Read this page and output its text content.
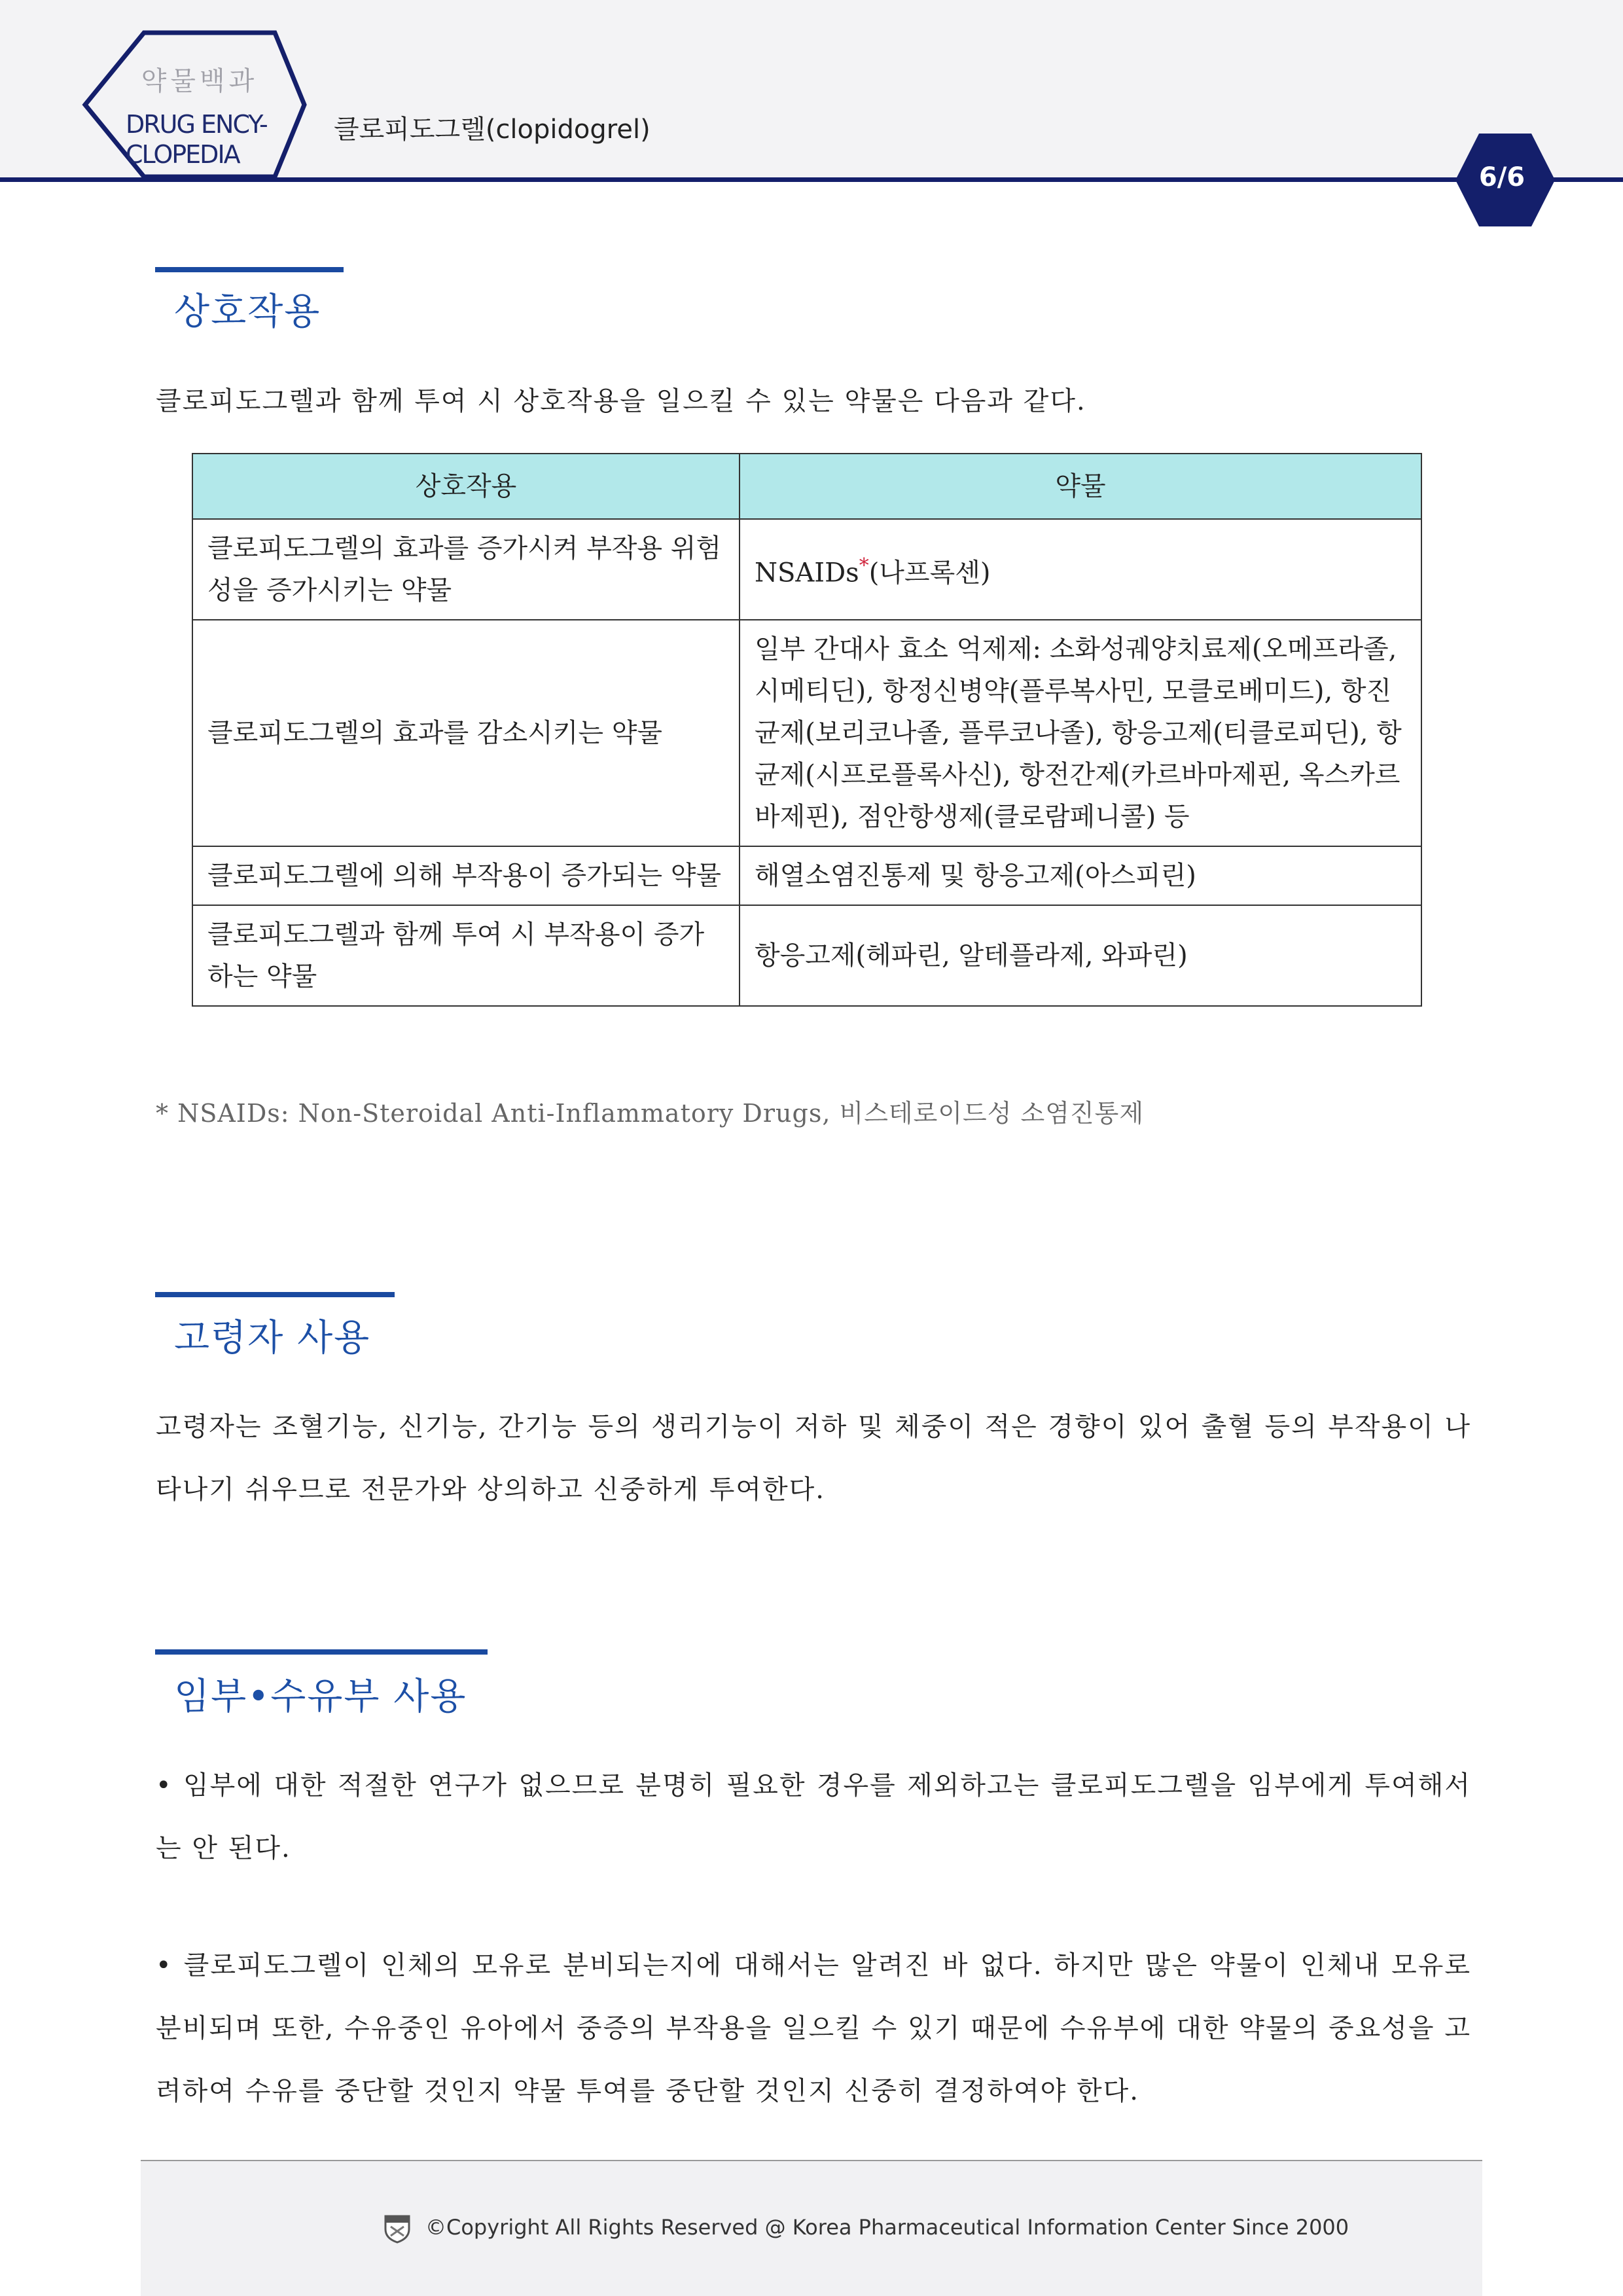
약물백과
DRUG ENCY-
CLOPEDIA
클로피도그렐(clopidogrel)
6/6
상호작용
클로피도그렐과 함께 투여 시 상호작용을 일으킬 수 있는 약물은 다음과 같다.
상호작용	약물
클로피도그렐의 효과를 증가시켜 부작용 위험성을 증가시키는 약물	NSAIDs*(나프록센)
클로피도그렐의 효과를 감소시키는 약물	일부 간대사 효소 억제제: 소화성궤양치료제(오메프라졸, 시메티딘), 항정신병약(플루복사민, 모클로베미드), 항진균제(보리코나졸, 플루코나졸), 항응고제(티클로피딘), 항균제(시프로플록사신), 항전간제(카르바마제핀, 옥스카르바제핀), 점안항생제(클로람페니콜) 등
클로피도그렐에 의해 부작용이 증가되는 약물	해열소염진통제 및 항응고제(아스피린)
클로피도그렐과 함께 투여 시 부작용이 증가하는 약물	항응고제(헤파린, 알테플라제, 와파린)
* NSAIDs: Non-Steroidal Anti-Inflammatory Drugs, 비스테로이드성 소염진통제
고령자 사용
고령자는 조혈기능, 신기능, 간기능 등의 생리기능이 저하 및 체중이 적은 경향이 있어 출혈 등의 부작용이 나타나기 쉬우므로 전문가와 상의하고 신중하게 투여한다.
임부•수유부 사용
• 임부에 대한 적절한 연구가 없으므로 분명히 필요한 경우를 제외하고는 클로피도그렐을 임부에게 투여해서는 안 된다.
• 클로피도그렐이 인체의 모유로 분비되는지에 대해서는 알려진 바 없다. 하지만 많은 약물이 인체내 모유로 분비되며 또한, 수유중인 유아에서 중증의 부작용을 일으킬 수 있기 때문에 수유부에 대한 약물의 중요성을 고려하여 수유를 중단할 것인지 약물 투여를 중단할 것인지 신중히 결정하여야 한다.
©Copyright All Rights Reserved @ Korea Pharmaceutical Information Center Since 2000
